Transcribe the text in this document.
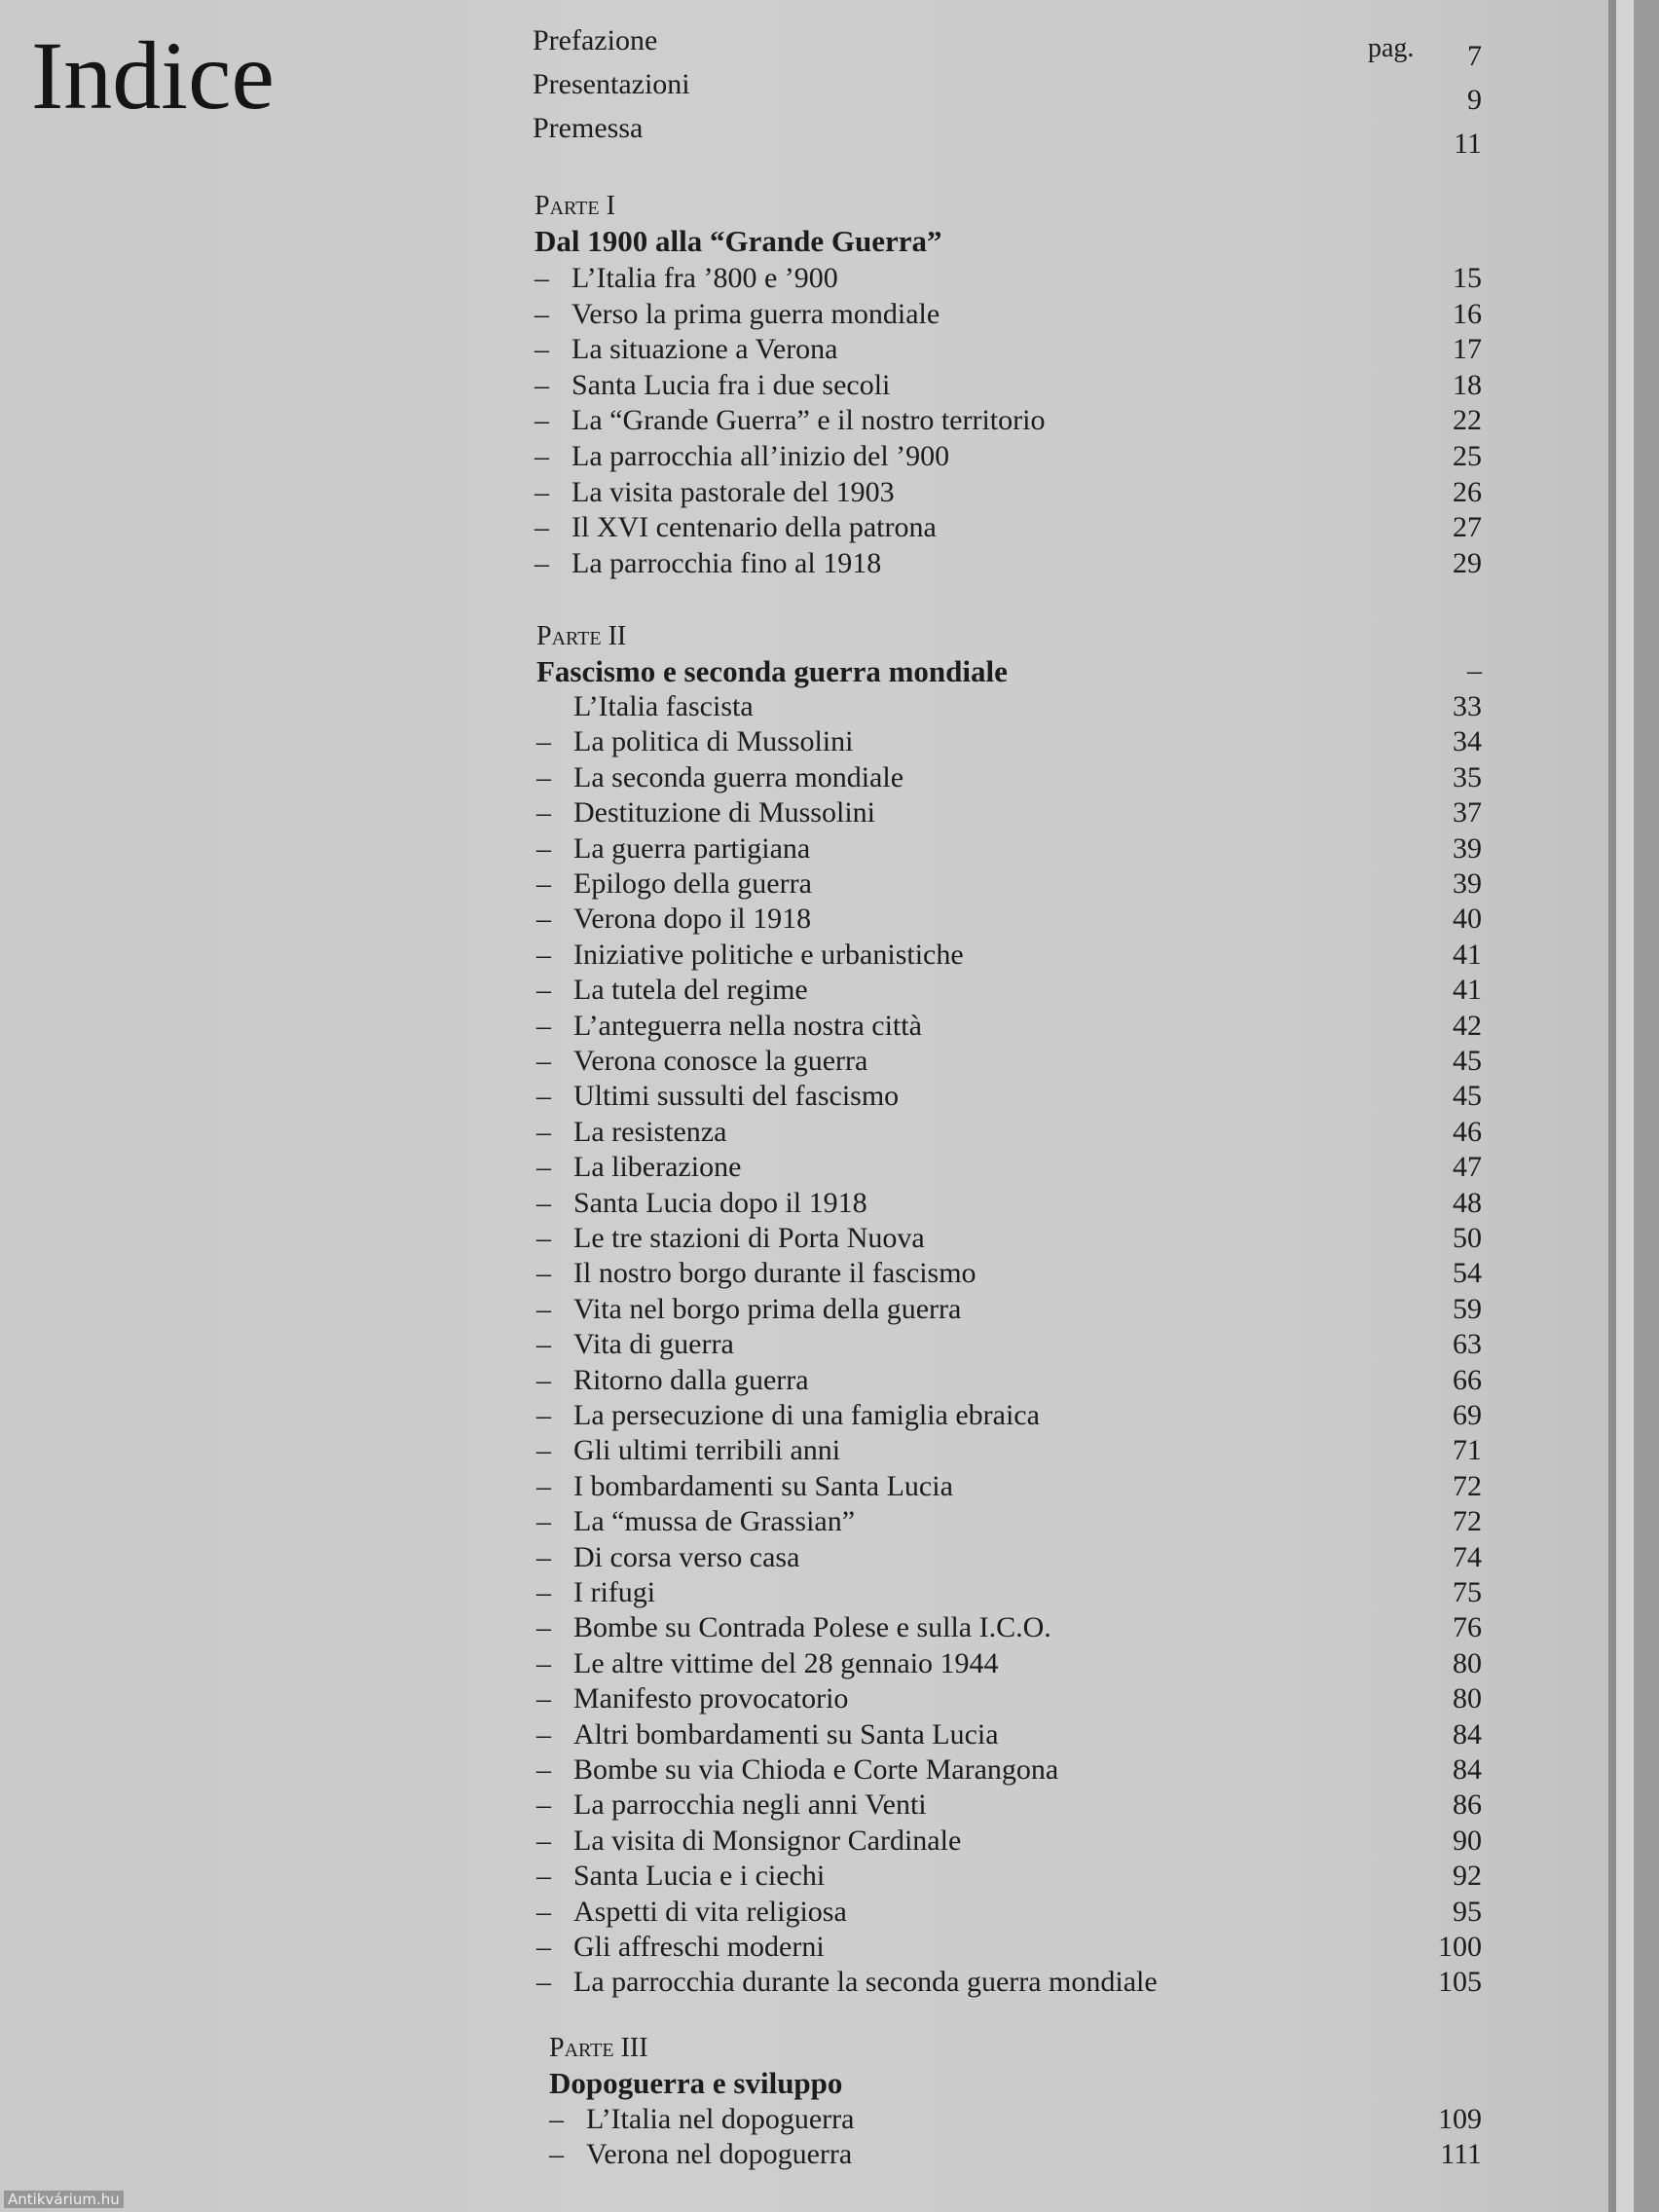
Indice	pag.
Prefazione	7
Presentazioni	9
Premessa	11
Parte I
Dal 1900 alla “Grande Guerra”
– L’Italia fra ’800 e ’900	15
– Verso la prima guerra mondiale	16
– La situazione a Verona	17
– Santa Lucia fra i due secoli	18
– La “Grande Guerra” e il nostro territorio	22
– La parrocchia all’inizio del ’900	25
– La visita pastorale del 1903	26
– Il XVI centenario della patrona	27
– La parrocchia fino al 1918	29
Parte II
Fascismo e seconda guerra mondiale	–
L’Italia fascista	33
– La politica di Mussolini	34
– La seconda guerra mondiale	35
– Destituzione di Mussolini	37
– La guerra partigiana	39
– Epilogo della guerra	39
– Verona dopo il 1918	40
– Iniziative politiche e urbanistiche	41
– La tutela del regime	41
– L’anteguerra nella nostra città	42
– Verona conosce la guerra	45
– Ultimi sussulti del fascismo	45
– La resistenza	46
– La liberazione	47
– Santa Lucia dopo il 1918	48
– Le tre stazioni di Porta Nuova	50
– Il nostro borgo durante il fascismo	54
– Vita nel borgo prima della guerra	59
– Vita di guerra	63
– Ritorno dalla guerra	66
– La persecuzione di una famiglia ebraica	69
– Gli ultimi terribili anni	71
– I bombardamenti su Santa Lucia	72
– La “mussa de Grassian”	72
– Di corsa verso casa	74
– I rifugi	75
– Bombe su Contrada Polese e sulla I.C.O.	76
– Le altre vittime del 28 gennaio 1944	80
– Manifesto provocatorio	80
– Altri bombardamenti su Santa Lucia	84
– Bombe su via Chioda e Corte Marangona	84
– La parrocchia negli anni Venti	86
– La visita di Monsignor Cardinale	90
– Santa Lucia e i ciechi	92
– Aspetti di vita religiosa	95
– Gli affreschi moderni	100
– La parrocchia durante la seconda guerra mondiale	105
Parte III
Dopoguerra e sviluppo
– L’Italia nel dopoguerra	109
– Verona nel dopoguerra	111
Antikvárium.hu
